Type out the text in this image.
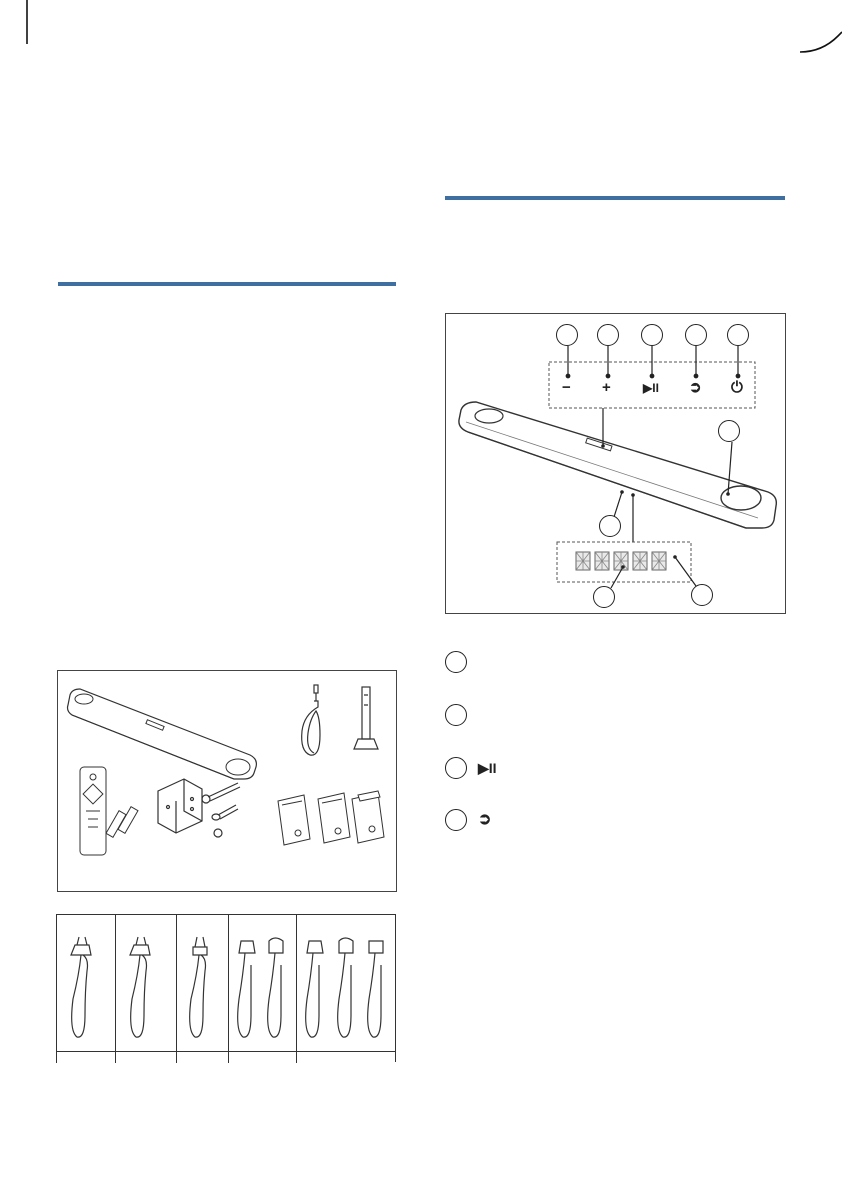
− +	▶II ➲ ⏻
▶II
➲
